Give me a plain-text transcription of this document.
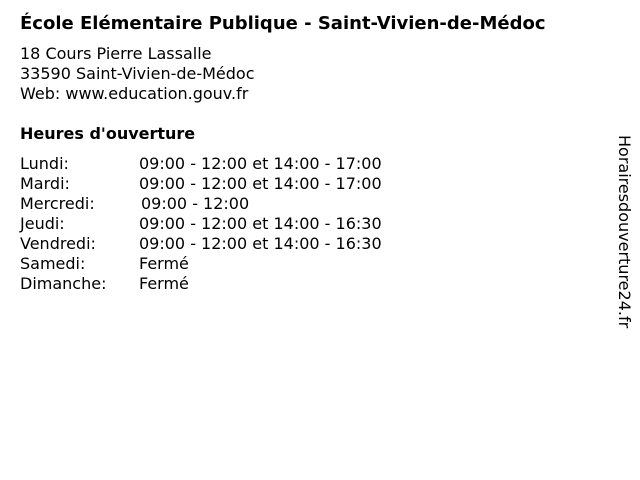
École Elémentaire Publique - Saint-Vivien-de-Médoc
18 Cours Pierre Lassalle
33590 Saint-Vivien-de-Médoc
Web: www.education.gouv.fr
Heures d'ouverture
Lundi:	09:00 - 12:00 et 14:00 - 17:00
Mardi:	09:00 - 12:00 et 14:00 - 17:00
Mercredi:	09:00 - 12:00
Jeudi:	09:00 - 12:00 et 14:00 - 16:30
Vendredi:	09:00 - 12:00 et 14:00 - 16:30
Samedi:	Fermé
Dimanche: Fermé	Horairesdouverture24.fr
